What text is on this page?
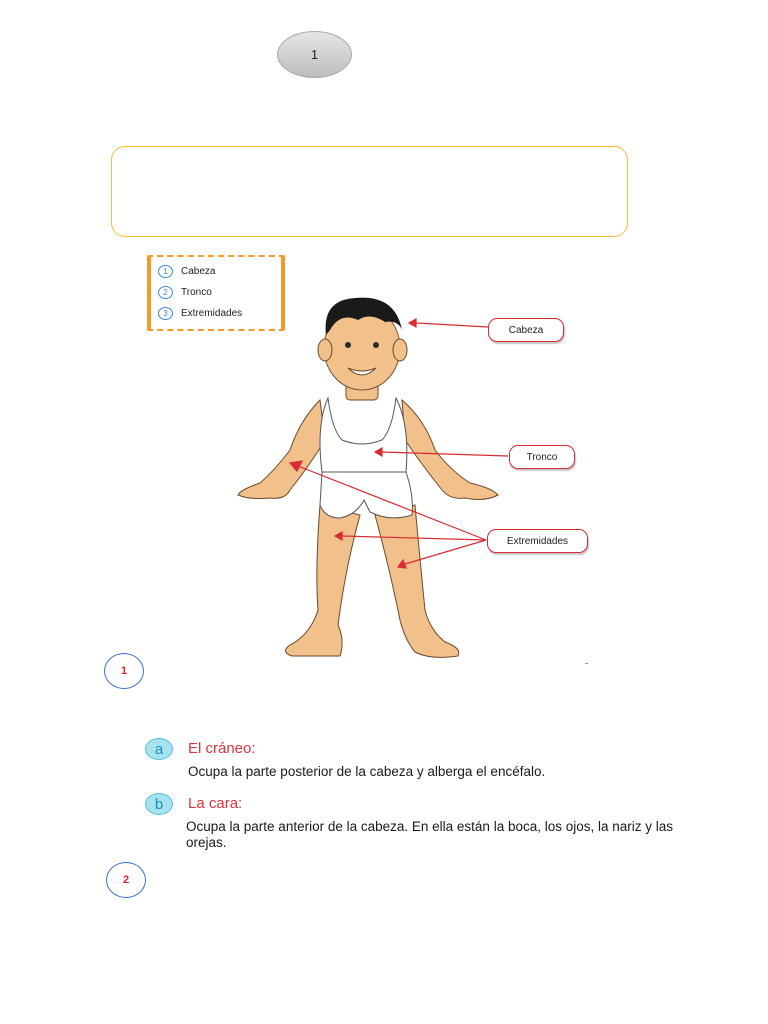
1
1	Cabeza
2	Tronco
3	Extremidades
Cabeza
Tronco
Extremidades
1
a El cráneo:
Ocupa la parte posterior de la cabeza y alberga el encéfalo.
b La cara:
Ocupa la parte anterior de la cabeza. En ella están la boca, los ojos, la nariz y las
orejas.
2
